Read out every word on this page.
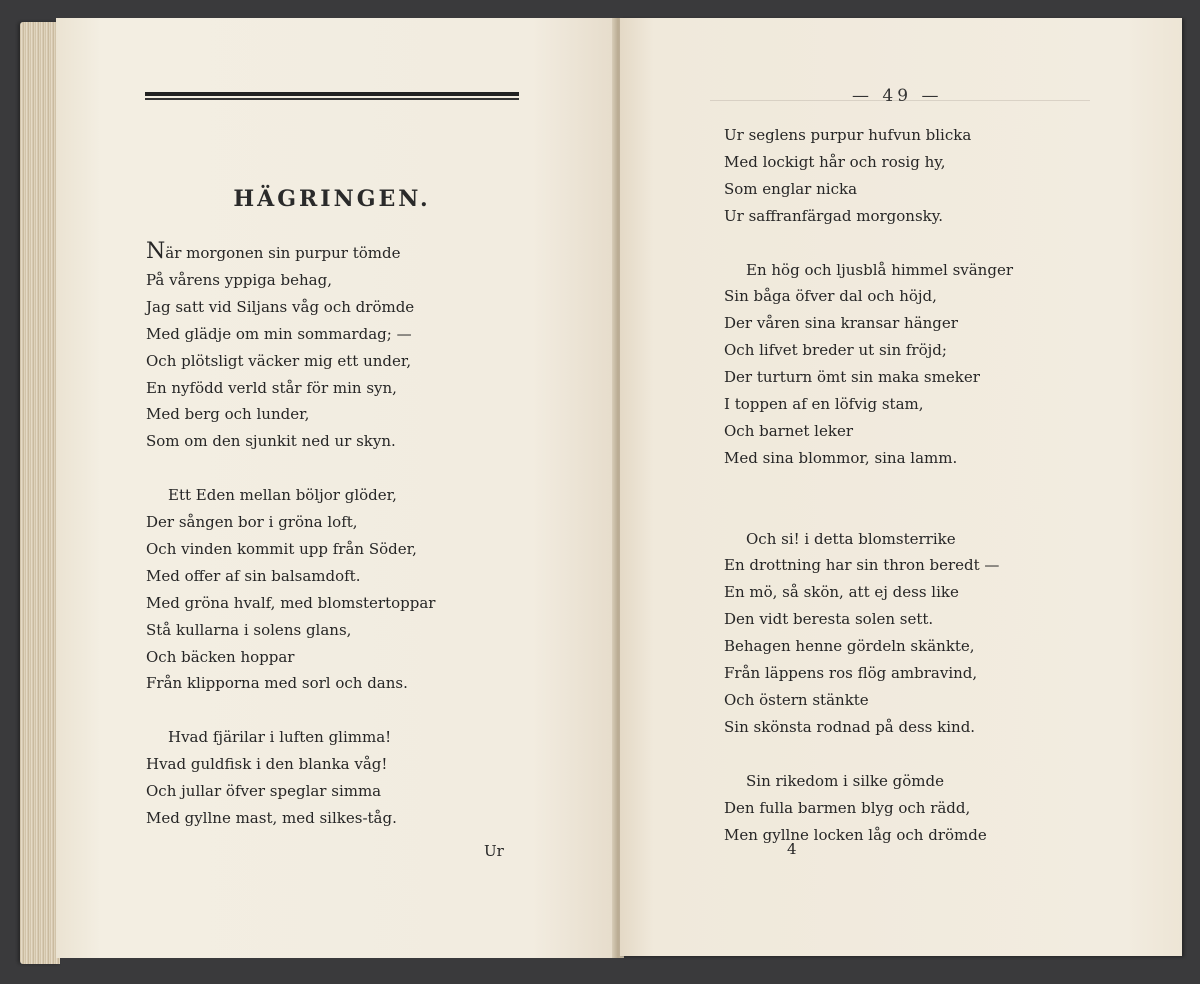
HÄGRINGEN.
När morgonen sin purpur tömde
På vårens yppiga behag,
Jag satt vid Siljans våg och drömde
Med glädje om min sommardag; —
Och plötsligt väcker mig ett under,
En nyfödd verld står för min syn,
Med berg och lunder,
Som om den sjunkit ned ur skyn.
Ett Eden mellan böljor glöder,
Der sången bor i gröna loft,
Och vinden kommit upp från Söder,
Med offer af sin balsamdoft.
Med gröna hvalf, med blomstertoppar
Stå kullarna i solens glans,
Och bäcken hoppar
Från klipporna med sorl och dans.
Hvad fjärilar i luften glimma!
Hvad guldfisk i den blanka våg!
Och jullar öfver speglar simma
Med gyllne mast, med silkes-tåg.
Ur
— 49 —
Ur seglens purpur hufvun blicka
Med lockigt hår och rosig hy,
Som englar nicka
Ur saffranfärgad morgonsky.
En hög och ljusblå himmel svänger
Sin båga öfver dal och höjd,
Der våren sina kransar hänger
Och lifvet breder ut sin fröjd;
Der turturn ömt sin maka smeker
I toppen af en löfvig stam,
Och barnet leker
Med sina blommor, sina lamm.
Och si! i detta blomsterrike
En drottning har sin thron beredt —
En mö, så skön, att ej dess like
Den vidt beresta solen sett.
Behagen henne gördeln skänkte,
Från läppens ros flög ambravind,
Och östern stänkte
Sin skönsta rodnad på dess kind.
Sin rikedom i silke gömde
Den fulla barmen blyg och rädd,
Men gyllne locken låg och drömde
4
